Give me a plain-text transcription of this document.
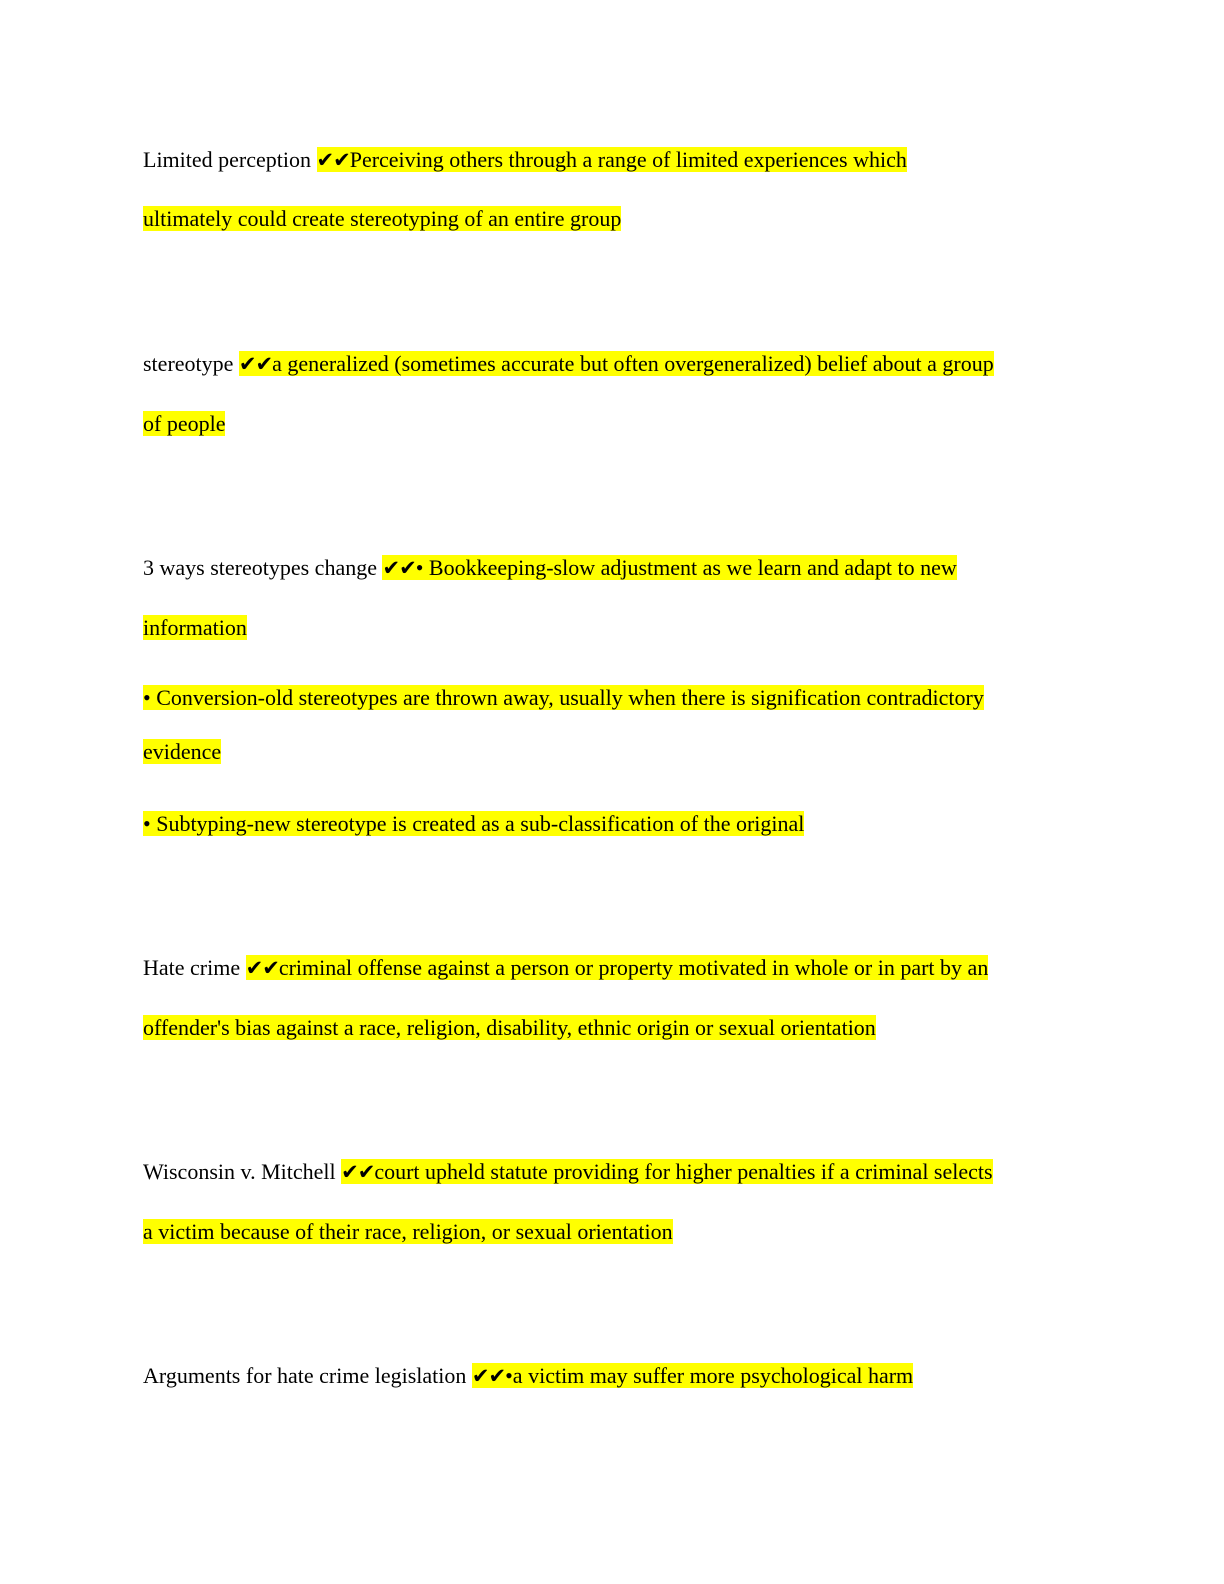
Limited perception ✔✔Perceiving others through a range of limited experiences which
ultimately could create stereotyping of an entire group
stereotype ✔✔a generalized (sometimes accurate but often overgeneralized) belief about a group
of people
3 ways stereotypes change ✔✔• Bookkeeping-slow adjustment as we learn and adapt to new
information
• Conversion-old stereotypes are thrown away, usually when there is signification contradictory
evidence
• Subtyping-new stereotype is created as a sub-classification of the original
Hate crime ✔✔criminal offense against a person or property motivated in whole or in part by an
offender's bias against a race, religion, disability, ethnic origin or sexual orientation
Wisconsin v. Mitchell ✔✔court upheld statute providing for higher penalties if a criminal selects
a victim because of their race, religion, or sexual orientation
Arguments for hate crime legislation ✔✔•a victim may suffer more psychological harm
